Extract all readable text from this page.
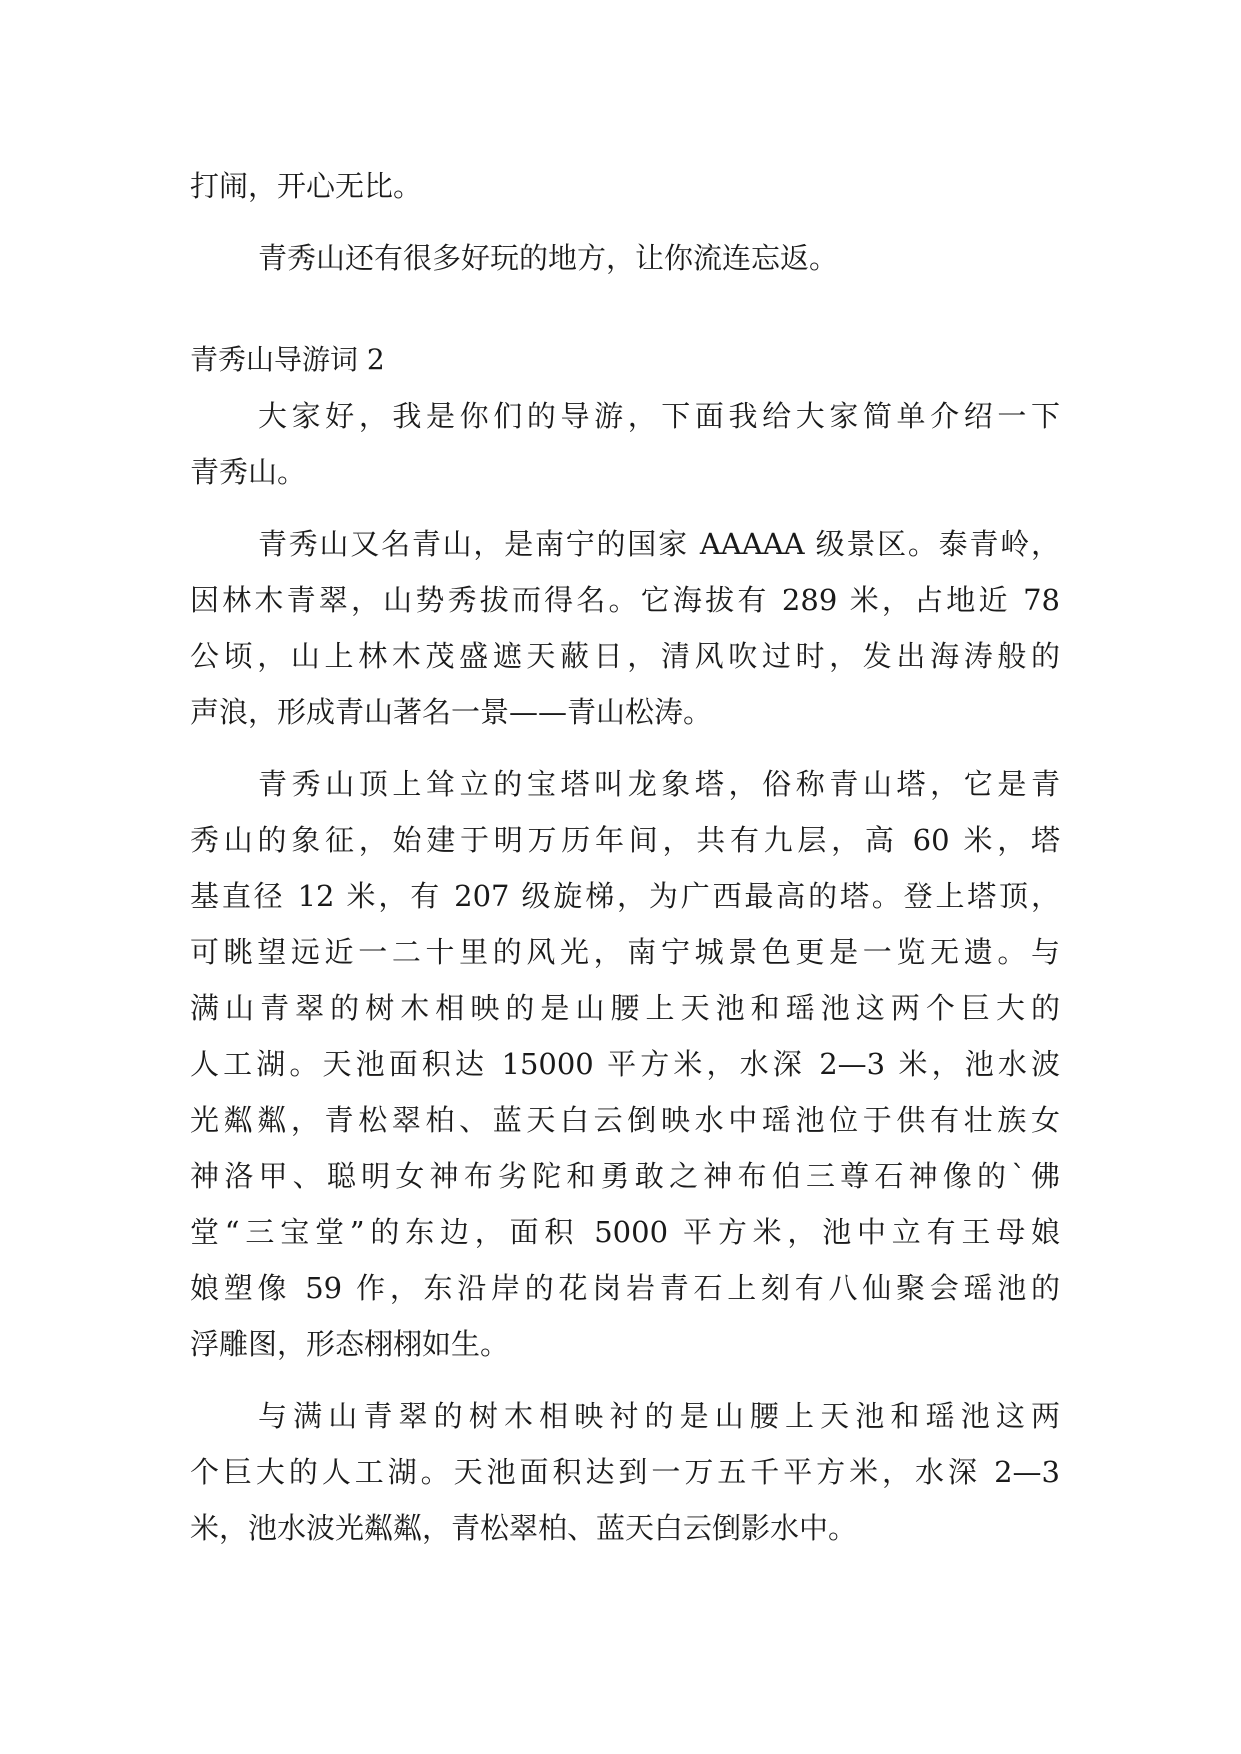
打闹，开心无比。
青秀山还有很多好玩的地方，让你流连忘返。
青秀山导游词 2
大家好，我是你们的导游，下面我给大家简单介绍一下
青秀山。
青秀山又名青山，是南宁的国家 AAAAA 级景区。泰青岭，
因林木青翠，山势秀拔而得名。它海拔有 289 米，占地近 78
公顷，山上林木茂盛遮天蔽日，清风吹过时，发出海涛般的
声浪，形成青山著名一景——青山松涛。
青秀山顶上耸立的宝塔叫龙象塔，俗称青山塔，它是青
秀山的象征，始建于明万历年间，共有九层，高 60 米，塔
基直径 12 米，有 207 级旋梯，为广西最高的塔。登上塔顶，
可眺望远近一二十里的风光，南宁城景色更是一览无遗。与
满山青翠的树木相映的是山腰上天池和瑶池这两个巨大的
人工湖。天池面积达 15000 平方米，水深 2—3 米，池水波
光粼粼，青松翠柏、蓝天白云倒映水中瑶池位于供有壮族女
神洛甲、聪明女神布劣陀和勇敢之神布伯三尊石神像的`佛
堂“三宝堂”的东边，面积 5000 平方米，池中立有王母娘
娘塑像 59 作，东沿岸的花岗岩青石上刻有八仙聚会瑶池的
浮雕图，形态栩栩如生。
与满山青翠的树木相映衬的是山腰上天池和瑶池这两
个巨大的人工湖。天池面积达到一万五千平方米，水深 2—3
米，池水波光粼粼，青松翠柏、蓝天白云倒影水中。
